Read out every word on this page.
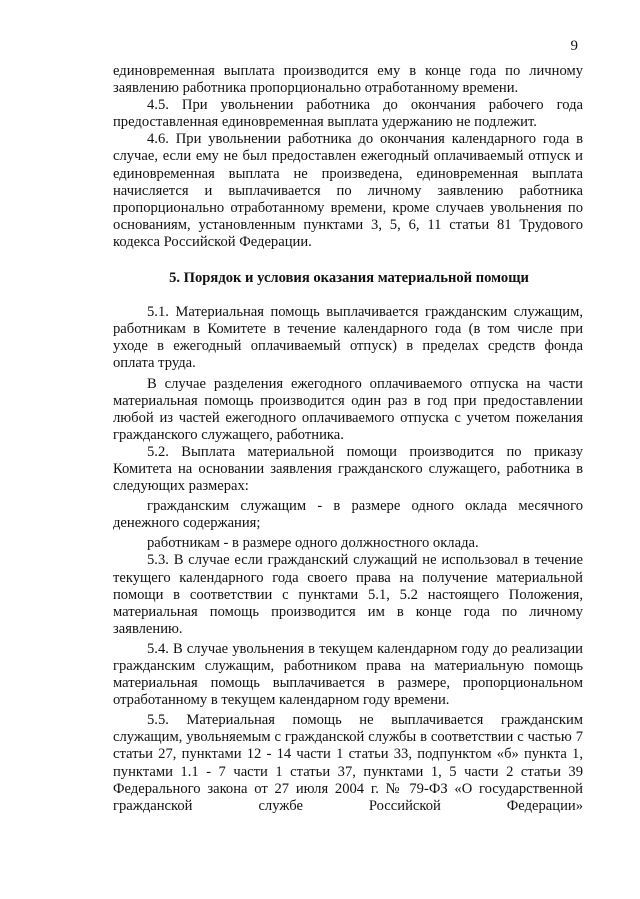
9

единовременная выплата производится ему в конце года по личному заявлению работника пропорционально отработанному времени.

4.5. При увольнении работника до окончания рабочего года предоставленная единовременная выплата удержанию не подлежит.

4.6. При увольнении работника до окончания календарного года в случае, если ему не был предоставлен ежегодный оплачиваемый отпуск и единовременная выплата не произведена, единовременная выплата начисляется и выплачивается по личному заявлению работника пропорционально отработанному времени, кроме случаев увольнения по основаниям, установленным пунктами 3, 5, 6, 11 статьи 81 Трудового кодекса Российской Федерации.

5. Порядок и условия оказания материальной помощи

5.1. Материальная помощь выплачивается гражданским служащим, работникам в Комитете в течение календарного года (в том числе при уходе в ежегодный оплачиваемый отпуск) в пределах средств фонда оплата труда.

В случае разделения ежегодного оплачиваемого отпуска на части материальная помощь производится один раз в год при предоставлении любой из частей ежегодного оплачиваемого отпуска с учетом пожелания гражданского служащего, работника.

5.2. Выплата материальной помощи производится по приказу Комитета на основании заявления гражданского служащего, работника в следующих размерах:

гражданским служащим - в размере одного оклада месячного денежного содержания;

работникам - в размере одного должностного оклада.

5.3. В случае если гражданский служащий не использовал в течение текущего календарного года своего права на получение материальной помощи в соответствии с пунктами 5.1, 5.2 настоящего Положения, материальная помощь производится им в конце года по личному заявлению.

5.4. В случае увольнения в текущем календарном году до реализации гражданским служащим, работником права на материальную помощь материальная помощь выплачивается в размере, пропорциональном отработанному в текущем календарном году времени.

5.5. Материальная помощь не выплачивается гражданским служащим, увольняемым с гражданской службы в соответствии с частью 7 статьи 27, пунктами 12 - 14 части 1 статьи 33, подпунктом «б» пункта 1, пунктами 1.1 - 7 части 1 статьи 37, пунктами 1, 5 части 2 статьи 39 Федерального закона от 27 июля 2004 г. № 79-ФЗ «О государственной гражданской службе Российской Федерации»
